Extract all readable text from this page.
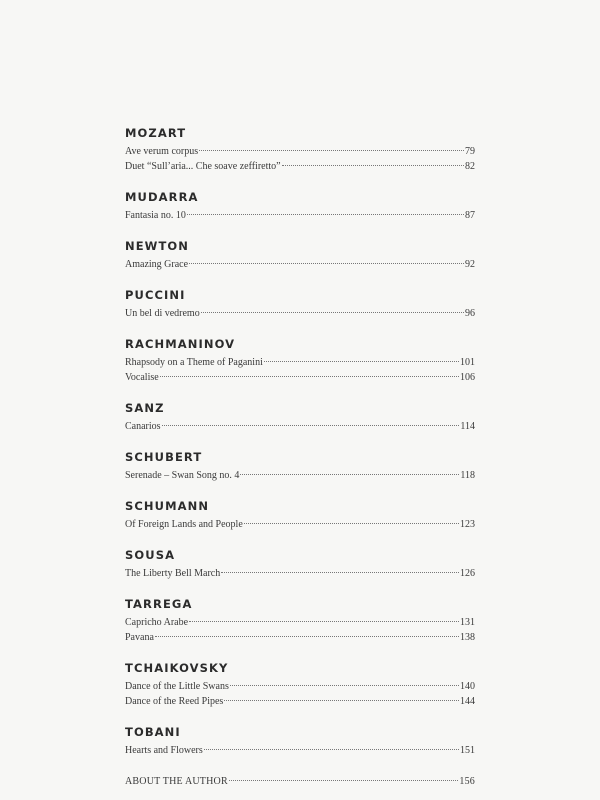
MOZART
Ave verum corpus	79
Duet “Sull’aria... Che soave zeffiretto”	82
MUDARRA
Fantasia no. 10	87
NEWTON
Amazing Grace	92
PUCCINI
Un bel di vedremo	96
RACHMANINOV
Rhapsody on a Theme of Paganini	101
Vocalise	106
SANZ
Canarios	114
SCHUBERT
Serenade – Swan Song no. 4	118
SCHUMANN
Of Foreign Lands and People	123
SOUSA
The Liberty Bell March	126
TARREGA
Capricho Arabe	131
Pavana	138
TCHAIKOVSKY
Dance of the Little Swans	140
Dance of the Reed Pipes	144
TOBANI
Hearts and Flowers	151
ABOUT THE AUTHOR	156
